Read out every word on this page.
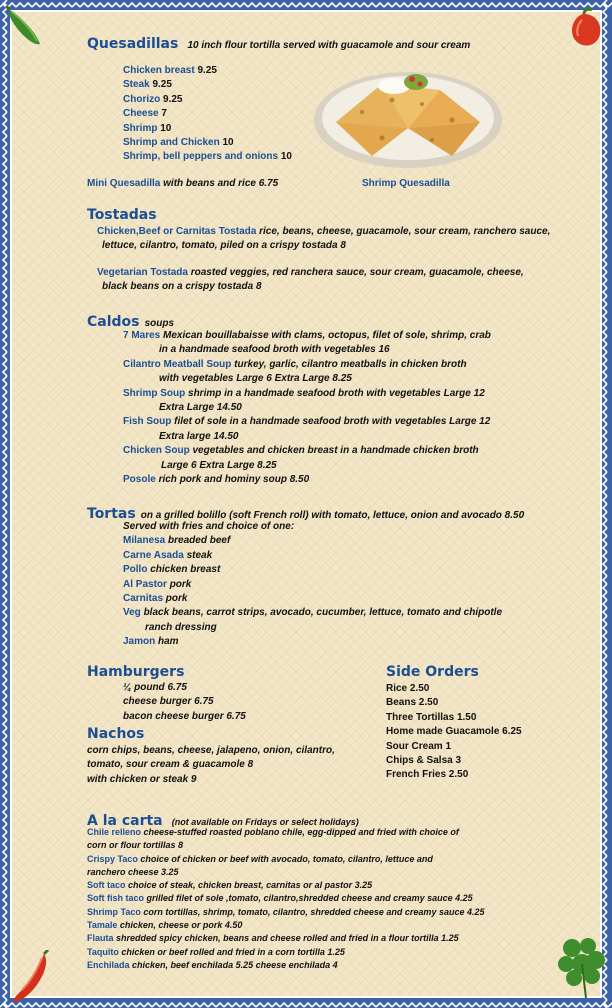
Quesadillas 10 inch flour tortilla served with guacamole and sour cream
Chicken breast 9.25
Steak 9.25
Chorizo 9.25
Cheese 7
Shrimp 10
Shrimp and Chicken 10
Shrimp, bell peppers and onions 10
Mini Quesadilla with beans and rice 6.75	Shrimp Quesadilla
Tostadas
Chicken,Beef or Carnitas Tostada rice, beans, cheese, guacamole, sour cream, ranchero sauce,
lettuce, cilantro, tomato, piled on a crispy tostada 8
Vegetarian Tostada roasted veggies, red ranchera sauce, sour cream, guacamole, cheese,
black beans on a crispy tostada 8
Caldos soups
7 Mares Mexican bouillabaisse with clams, octopus, filet of sole, shrimp, crab
in a handmade seafood broth with vegetables 16
Cilantro Meatball Soup turkey, garlic, cilantro meatballs in chicken broth
with vegetables Large 6 Extra Large 8.25
Shrimp Soup shrimp in a handmade seafood broth with vegetables Large 12
Extra Large 14.50
Fish Soup filet of sole in a handmade seafood broth with vegetables Large 12
Extra large 14.50
Chicken Soup vegetables and chicken breast in a handmade chicken broth
Large 6 Extra Large 8.25
Posole rich pork and hominy soup 8.50
Tortas on a grilled bolillo (soft French roll) with tomato, lettuce, onion and avocado 8.50
Served with fries and choice of one:
Milanesa breaded beef
Carne Asada steak
Pollo chicken breast
Al Pastor pork
Carnitas pork
Veg black beans, carrot strips, avocado, cucumber, lettuce, tomato and chipotle
ranch dressing
Jamon ham
Hamburgers
¼ pound 6.75
cheese burger 6.75
bacon cheese burger 6.75
Nachos
corn chips, beans, cheese, jalapeno, onion, cilantro,
tomato, sour cream & guacamole 8
with chicken or steak 9
Side Orders
Rice 2.50
Beans 2.50
Three Tortillas 1.50
Home made Guacamole 6.25
Sour Cream 1
Chips & Salsa 3
French Fries 2.50
A la carta (not available on Fridays or select holidays)
Chile relleno cheese-stuffed roasted poblano chile, egg-dipped and fried with choice of
corn or flour tortillas 8
Crispy Taco choice of chicken or beef with avocado, tomato, cilantro, lettuce and
ranchero cheese 3.25
Soft taco choice of steak, chicken breast, carnitas or al pastor 3.25
Soft fish taco grilled filet of sole ,tomato, cilantro,shredded cheese and creamy sauce 4.25
Shrimp Taco corn tortillas, shrimp, tomato, cilantro, shredded cheese and creamy sauce 4.25
Tamale chicken, cheese or pork 4.50
Flauta shredded spicy chicken, beans and cheese rolled and fried in a flour tortilla 1.25
Taquito chicken or beef rolled and fried in a corn tortilla 1.25
Enchilada chicken, beef enchilada 5.25 cheese enchilada 4
